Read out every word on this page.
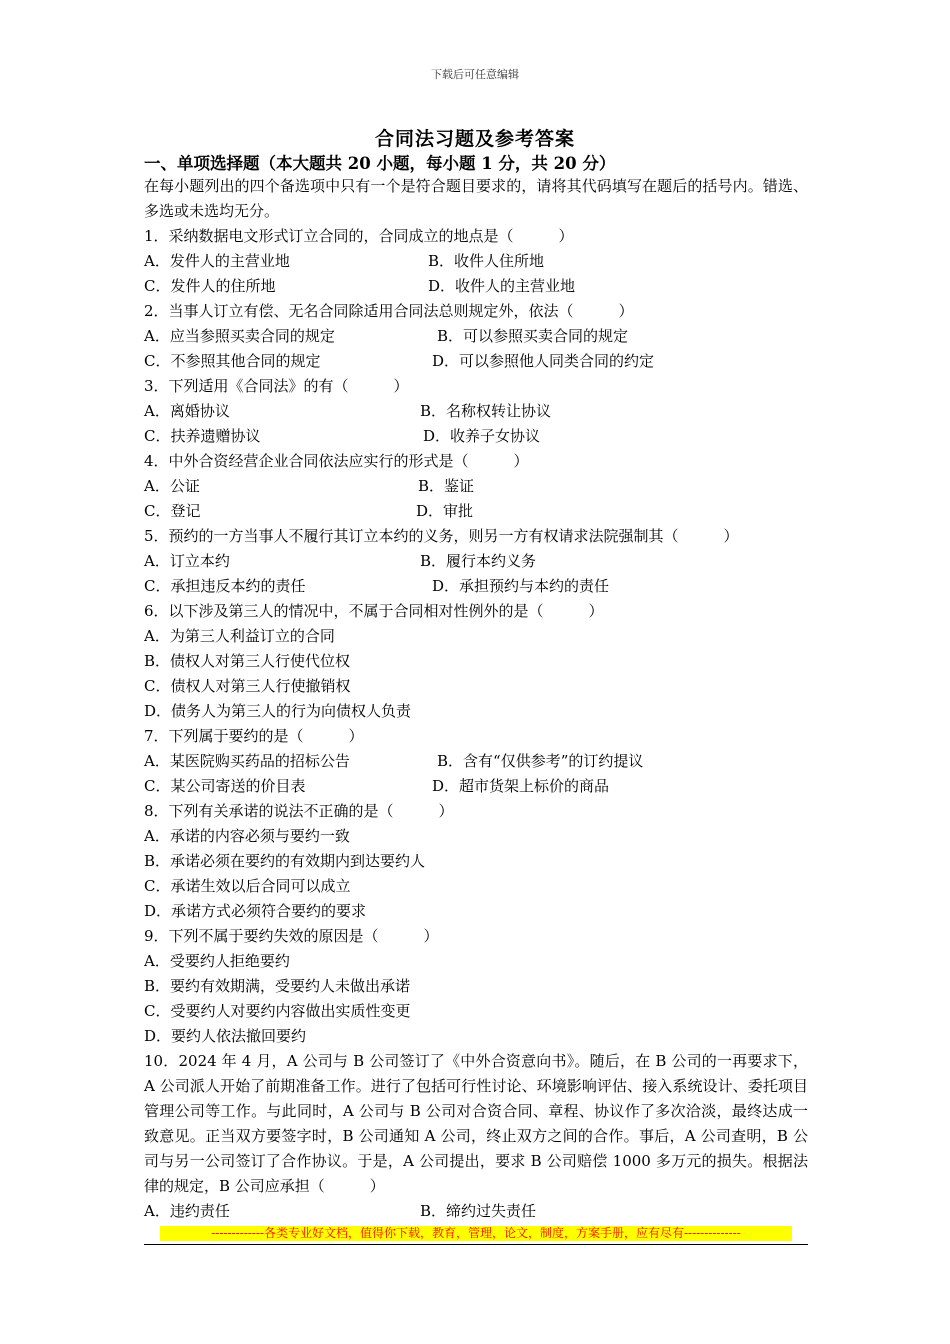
下载后可任意编辑
合同法习题及参考答案
一、单项选择题（本大题共 20 小题，每小题 1 分，共 20 分）
在每小题列出的四个备选项中只有一个是符合题目要求的，请将其代码填写在题后的括号内。错选、多选或未选均无分。
1．采纳数据电文形式订立合同的，合同成立的地点是（　　　）
A．发件人的主营业地	B．收件人住所地
C．发件人的住所地	D．收件人的主营业地
2．当事人订立有偿、无名合同除适用合同法总则规定外，依法（　　　）
A．应当参照买卖合同的规定	B．可以参照买卖合同的规定
C．不参照其他合同的规定	D．可以参照他人同类合同的约定
3．下列适用《合同法》的有（　　　）
A．离婚协议	B．名称权转让协议
C．扶养遗赠协议	D．收养子女协议
4．中外合资经营企业合同依法应实行的形式是（　　　）
A．公证	B．鉴证
C．登记	D．审批
5．预约的一方当事人不履行其订立本约的义务，则另一方有权请求法院强制其（　　　）
A．订立本约	B．履行本约义务
C．承担违反本约的责任	D．承担预约与本约的责任
6．以下涉及第三人的情况中，不属于合同相对性例外的是（　　　）
A．为第三人利益订立的合同
B．债权人对第三人行使代位权
C．债权人对第三人行使撤销权
D．债务人为第三人的行为向债权人负责
7．下列属于要约的是（　　　）
A．某医院购买药品的招标公告	B．含有“仅供参考”的订约提议
C．某公司寄送的价目表	D．超市货架上标价的商品
8．下列有关承诺的说法不正确的是（　　　）
A．承诺的内容必须与要约一致
B．承诺必须在要约的有效期内到达要约人
C．承诺生效以后合同可以成立
D．承诺方式必须符合要约的要求
9．下列不属于要约失效的原因是（　　　）
A．受要约人拒绝要约
B．要约有效期满，受要约人未做出承诺
C．受要约人对要约内容做出实质性变更
D．要约人依法撤回要约
10．2024 年 4 月，A 公司与 B 公司签订了《中外合资意向书》。随后，在 B 公司的一再要求下，A 公司派人开始了前期准备工作。进行了包括可行性讨论、环境影响评估、接入系统设计、委托项目管理公司等工作。与此同时，A 公司与 B 公司对合资合同、章程、协议作了多次洽淡，最终达成一致意见。正当双方要签字时，B 公司通知 A 公司，终止双方之间的合作。事后，A 公司查明，B 公司与另一公司签订了合作协议。于是，A 公司提出，要求 B 公司赔偿 1000 多万元的损失。根据法律的规定，B 公司应承担（　　　）
A．违约责任	B．缔约过失责任
-------------各类专业好文档，值得你下载，教育，管理，论文，制度，方案手册，应有尽有--------------
